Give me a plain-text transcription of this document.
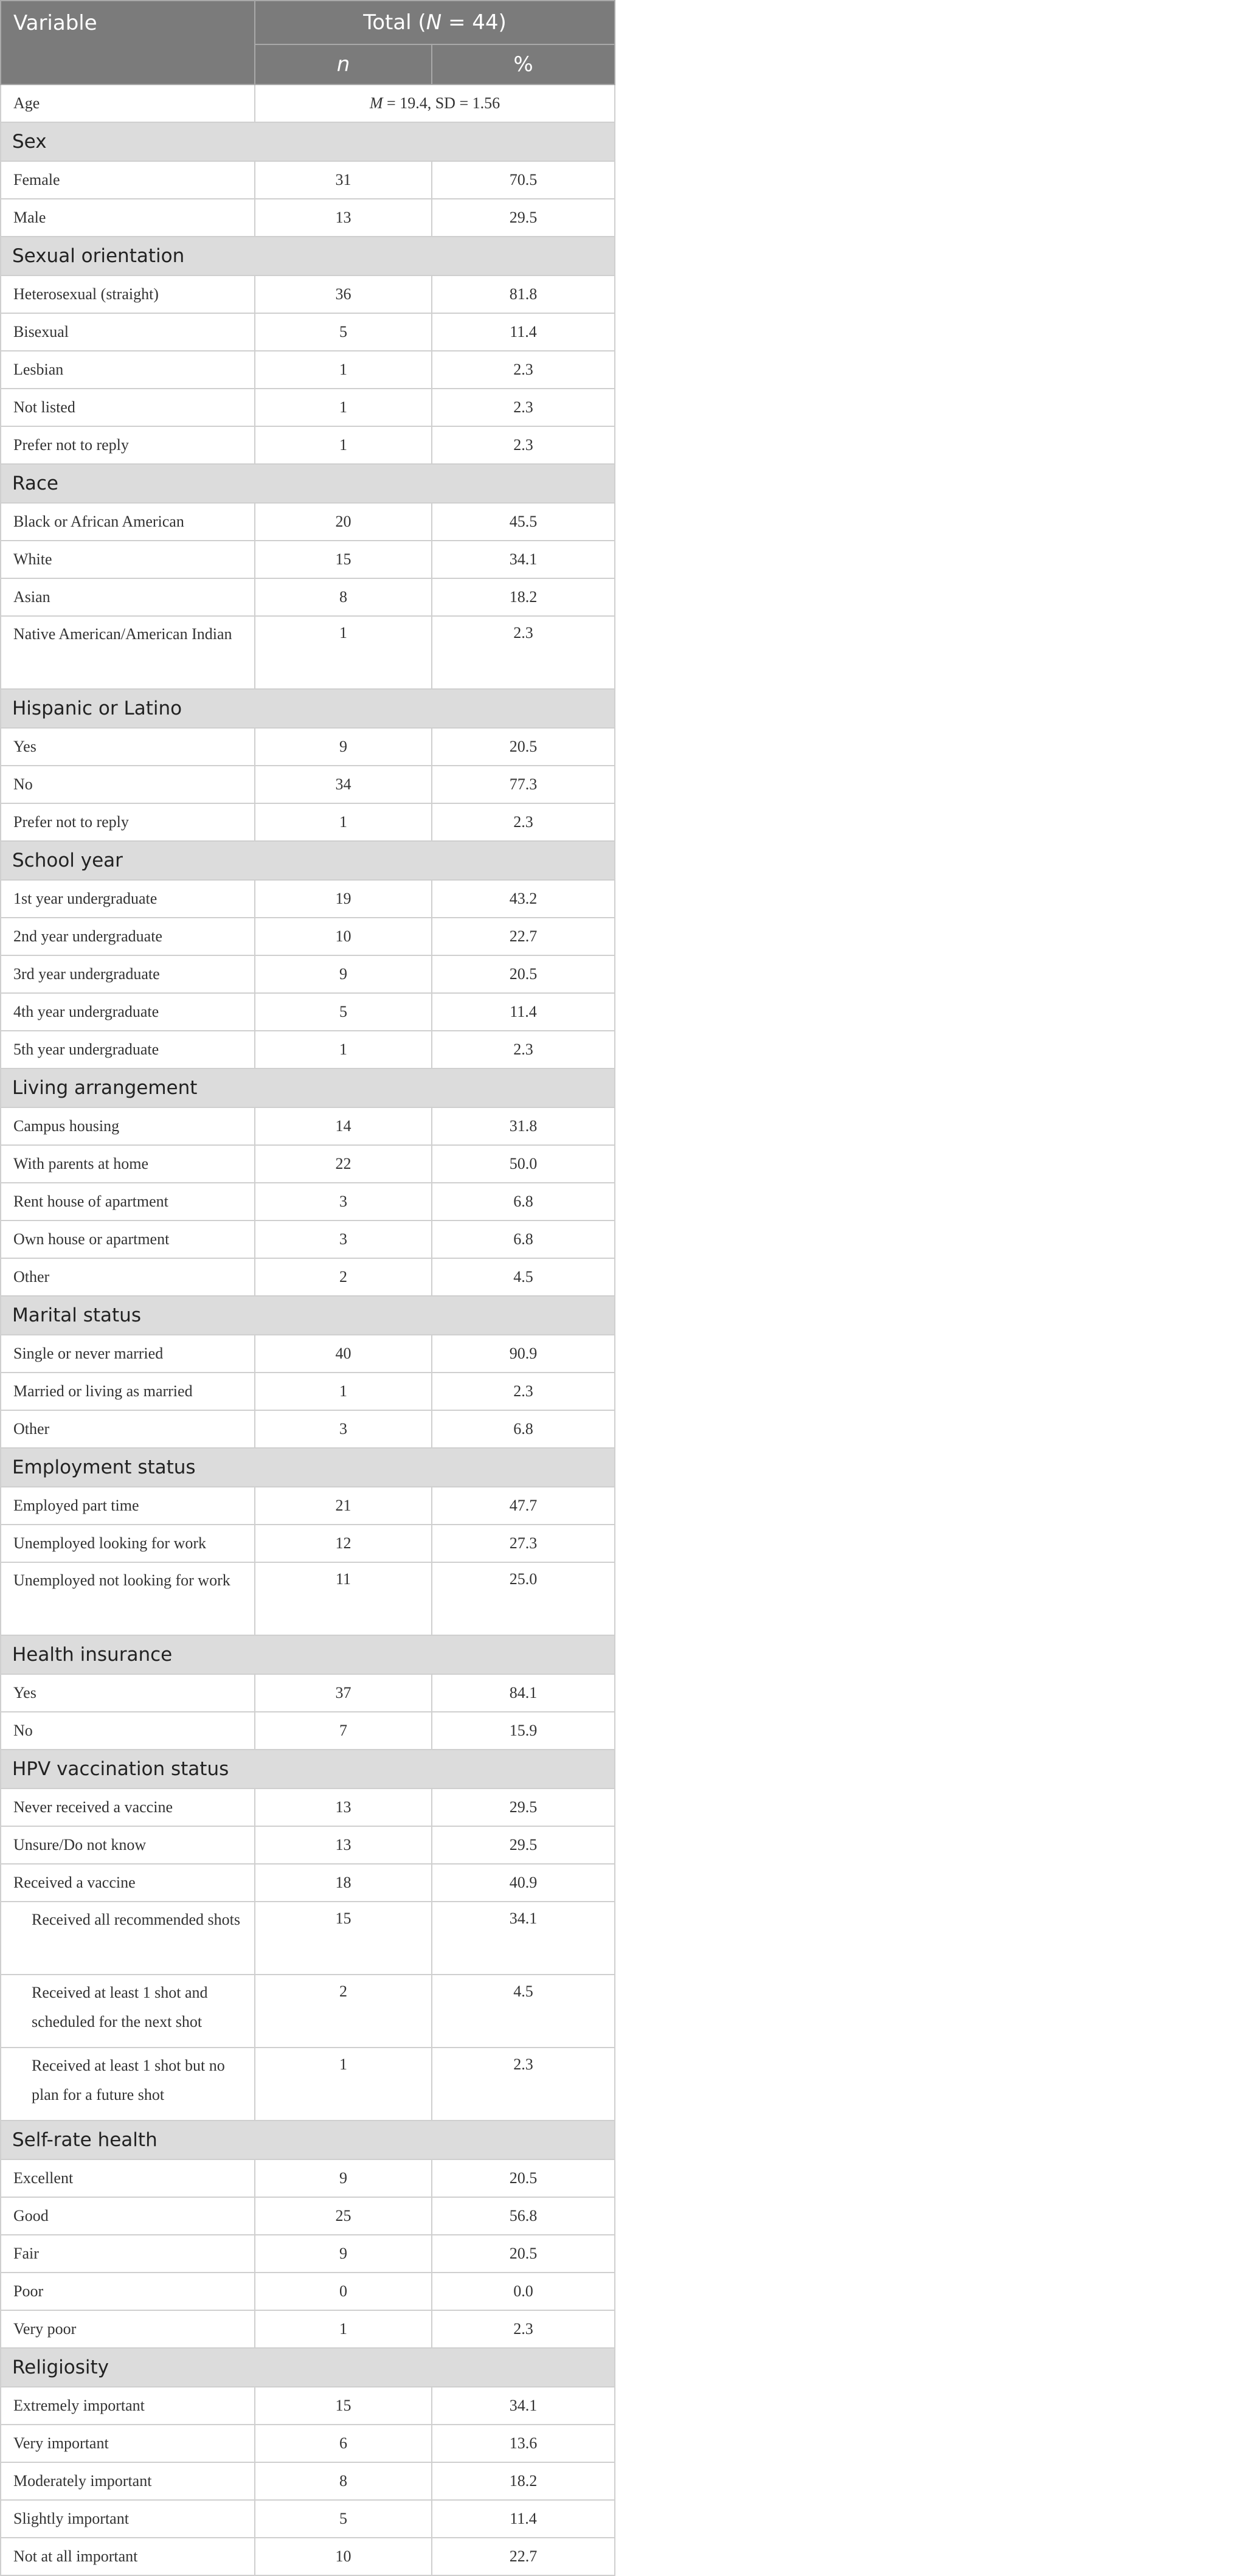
Variable	Total (N = 44)	
	n	%
Age	M = 19.4, SD = 1.56	
Sex		
Female	31	70.5
Male	13	29.5
Sexual orientation		
Heterosexual (straight)	36	81.8
Bisexual	5	11.4
Lesbian	1	2.3
Not listed	1	2.3
Prefer not to reply	1	2.3
Race		
Black or African American	20	45.5
White	15	34.1
Asian	8	18.2
Native American/American Indian	1	2.3
Hispanic or Latino		
Yes	9	20.5
No	34	77.3
Prefer not to reply	1	2.3
School year		
1st year undergraduate	19	43.2
2nd year undergraduate	10	22.7
3rd year undergraduate	9	20.5
4th year undergraduate	5	11.4
5th year undergraduate	1	2.3
Living arrangement		
Campus housing	14	31.8
With parents at home	22	50.0
Rent house of apartment	3	6.8
Own house or apartment	3	6.8
Other	2	4.5
Marital status		
Single or never married	40	90.9
Married or living as married	1	2.3
Other	3	6.8
Employment status		
Employed part time	21	47.7
Unemployed looking for work	12	27.3
Unemployed not looking for work	11	25.0
Health insurance		
Yes	37	84.1
No	7	15.9
HPV vaccination status		
Never received a vaccine	13	29.5
Unsure/Do not know	13	29.5
Received a vaccine	18	40.9
Received all recommended shots	15	34.1
Received at least 1 shot and scheduled for the next shot	2	4.5
Received at least 1 shot but no plan for a future shot	1	2.3
Self-rate health		
Excellent	9	20.5
Good	25	56.8
Fair	9	20.5
Poor	0	0.0
Very poor	1	2.3
Religiosity		
Extremely important	15	34.1
Very important	6	13.6
Moderately important	8	18.2
Slightly important	5	11.4
Not at all important	10	22.7
